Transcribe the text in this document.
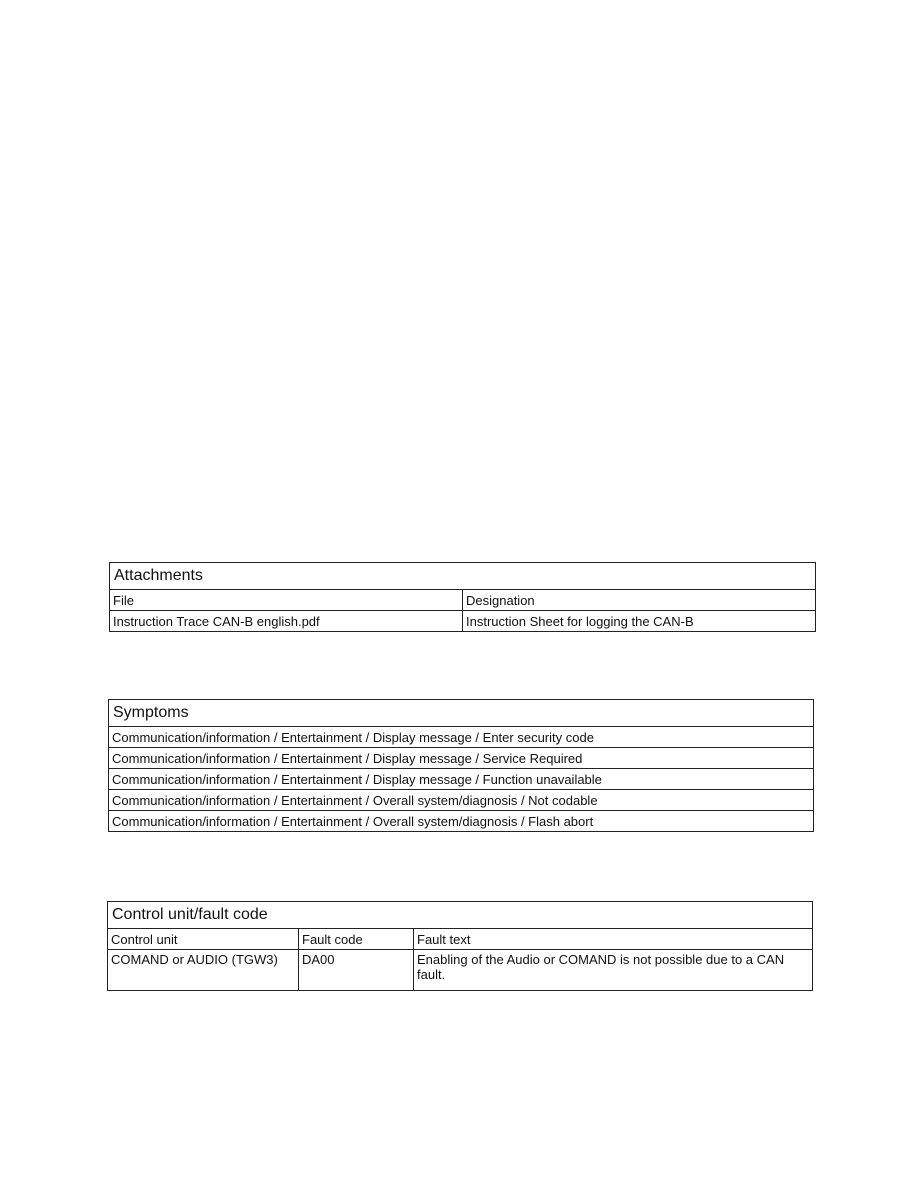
Attachments	
File	Designation
Instruction Trace CAN-B english.pdf	Instruction Sheet for logging the CAN-B
Symptoms
Communication/information / Entertainment / Display message / Enter security code
Communication/information / Entertainment / Display message / Service Required
Communication/information / Entertainment / Display message / Function unavailable
Communication/information / Entertainment / Overall system/diagnosis / Not codable
Communication/information / Entertainment / Overall system/diagnosis / Flash abort
Control unit/fault code		
Control unit	Fault code	Fault text
COMAND or AUDIO (TGW3)	DA00	Enabling of the Audio or COMAND is not possible due to a CAN fault.
